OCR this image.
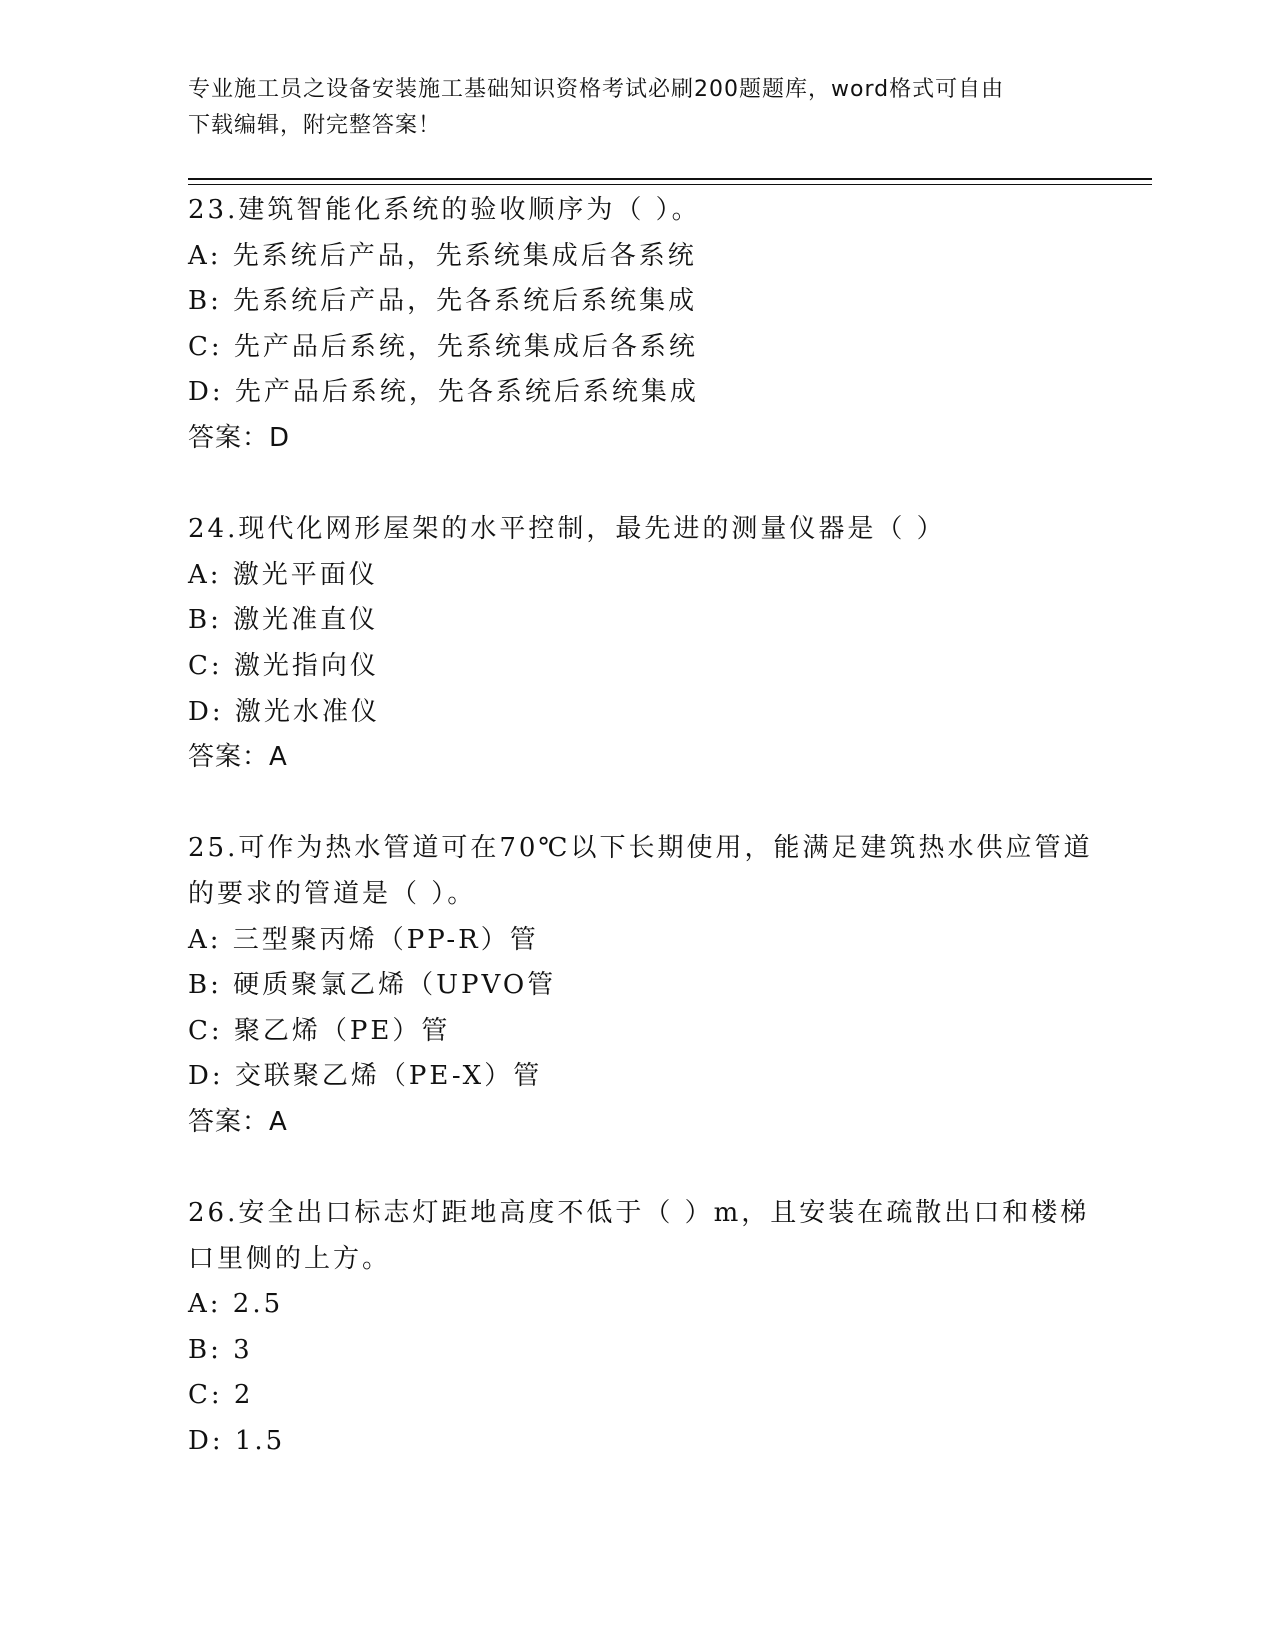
专业施工员之设备安装施工基础知识资格考试必刷200题题库，word格式可自由
下载编辑，附完整答案！
23.建筑智能化系统的验收顺序为（ ）。
A: 先系统后产品，先系统集成后各系统
B: 先系统后产品，先各系统后系统集成
C: 先产品后系统，先系统集成后各系统
D: 先产品后系统，先各系统后系统集成
答案：D
24.现代化网形屋架的水平控制，最先进的测量仪器是（ ）
A: 激光平面仪
B: 激光准直仪
C: 激光指向仪
D: 激光水准仪
答案：A
25.可作为热水管道可在70℃以下长期使用，能满足建筑热水供应管道
的要求的管道是（ ）。
A: 三型聚丙烯（PP-R）管
B: 硬质聚氯乙烯（UPVO管
C: 聚乙烯（PE）管
D: 交联聚乙烯（PE-X）管
答案：A
26.安全出口标志灯距地高度不低于（ ）m，且安装在疏散出口和楼梯
口里侧的上方。
A: 2.5
B: 3
C: 2
D: 1.5
